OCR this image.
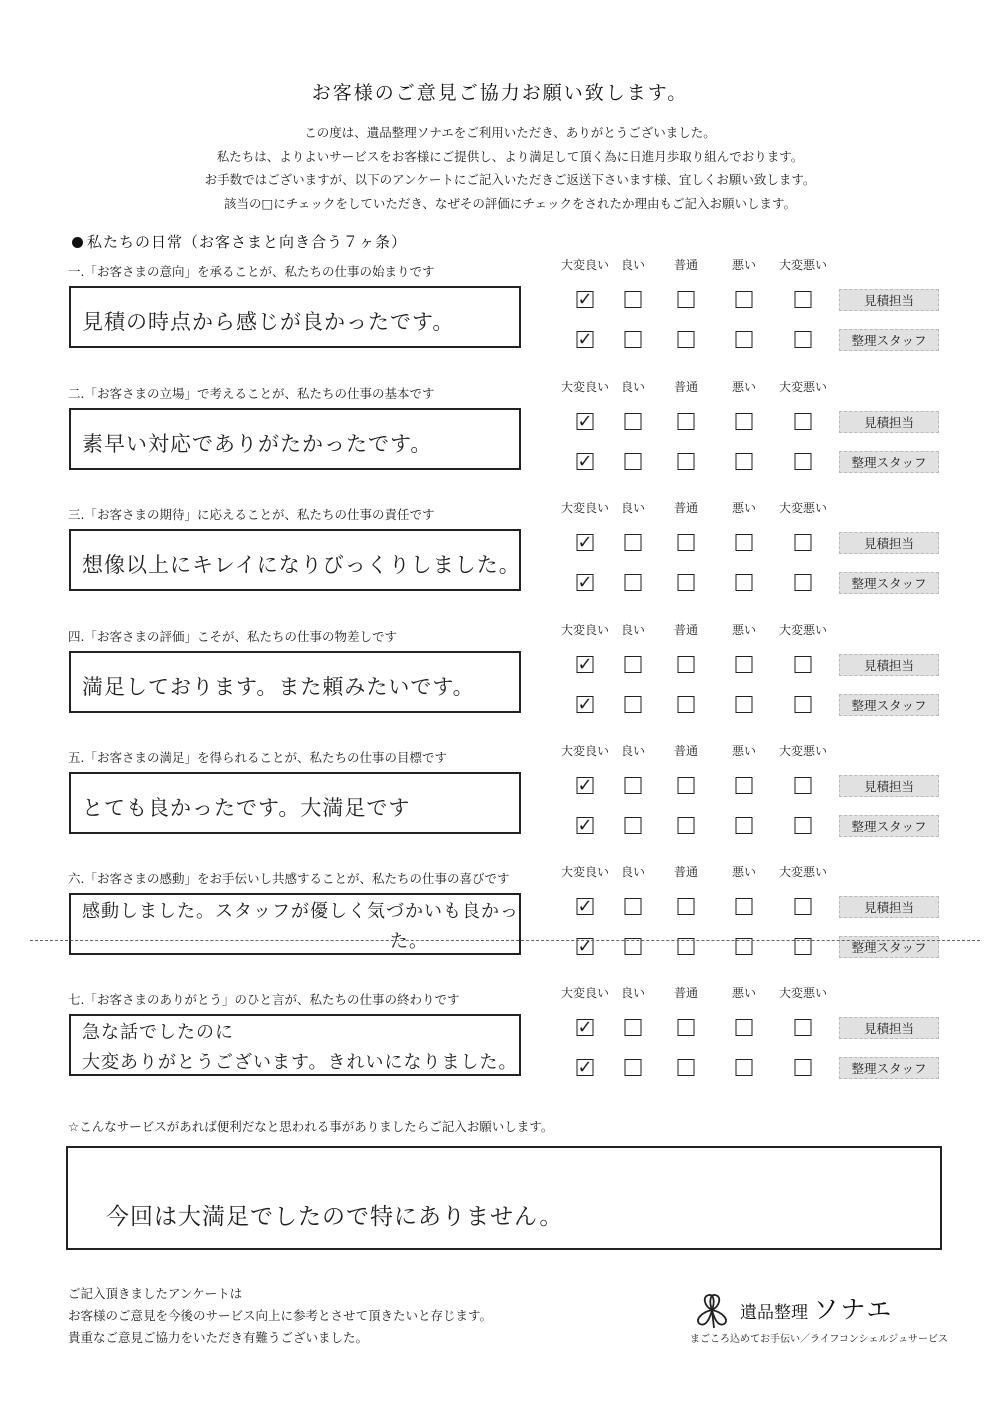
お客様のご意見ご協力お願い致します。
この度は、遺品整理ソナエをご利用いただき、ありがとうございました。
私たちは、よりよいサービスをお客様にご提供し、より満足して頂く為に日進月歩取り組んでおります。
お手数ではございますが、以下のアンケートにご記入いただきご返送下さいます様、宜しくお願い致します。
該当の□にチェックをしていただき、なぜその評価にチェックをされたか理由もご記入お願いします。
私たちの日常（お客さまと向き合う７ヶ条）
一.「お客さまの意向」を承ることが、私たちの仕事の始まりです	大変良い 良い 普通	悪い 大変悪い
見積の時点から感じが良かったです。
✓	見積担当
✓	整理スタッフ
二.「お客さまの立場」で考えることが、私たちの仕事の基本です	大変良い 良い 普通	悪い 大変悪い
素早い対応でありがたかったです。
✓	見積担当
✓	整理スタッフ
三.「お客さまの期待」に応えることが、私たちの仕事の責任です	大変良い 良い 普通	悪い 大変悪い
想像以上にキレイになりびっくりしました。
✓	見積担当
✓	整理スタッフ
四.「お客さまの評価」こそが、私たちの仕事の物差しです	大変良い 良い 普通	悪い 大変悪い
満足しております。また頼みたいです。
✓	見積担当
✓	整理スタッフ
五.「お客さまの満足」を得られることが、私たちの仕事の目標です	大変良い 良い 普通	悪い 大変悪い
とても良かったです。大満足です
✓	見積担当
✓	整理スタッフ
六.「お客さまの感動」をお手伝いし共感することが、私たちの仕事の喜びです	大変良い 良い 普通	悪い 大変悪い
感動しました。スタッフが優しく気づかいも良かっ
た。
✓	見積担当
✓	整理スタッフ
七.「お客さまのありがとう」のひと言が、私たちの仕事の終わりです	大変良い 良い 普通	悪い 大変悪い
急な話でしたのに
大変ありがとうございます。きれいになりました。
✓	見積担当
✓	整理スタッフ
☆こんなサービスがあれば便利だなと思われる事がありましたらご記入お願いします。
今回は大満足でしたので特にありません。
ご記入頂きましたアンケートは
お客様のご意見を今後のサービス向上に参考とさせて頂きたいと存じます。
貴重なご意見ご協力をいただき有難うございました。
遺品整理 ソナエ
まごころ込めてお手伝い／ライフコンシェルジュサービス
